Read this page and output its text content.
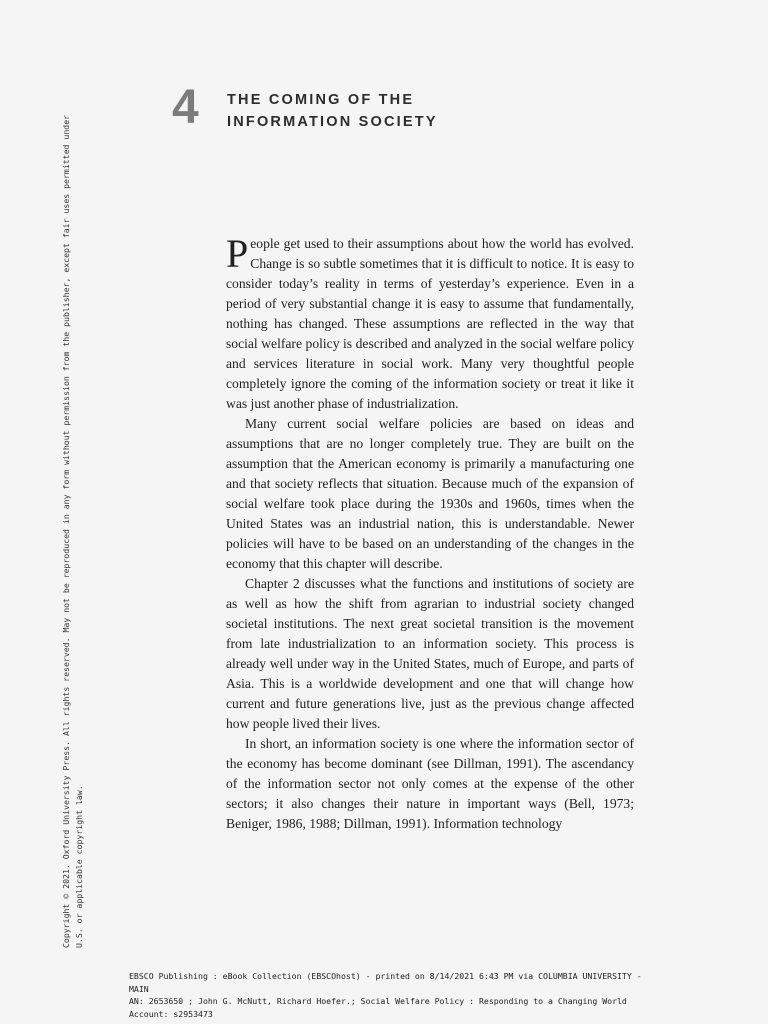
Copyright © 2021. Oxford University Press. All rights reserved. May not be reproduced in any form without permission from the publisher, except fair uses permitted under U.S. or applicable copyright law.
4 THE COMING OF THE
INFORMATION SOCIETY

People get used to their assumptions about how the world has evolved. Change is so subtle sometimes that it is difficult to notice. It is easy to consider today’s reality in terms of yesterday’s experience. Even in a period of very substantial change it is easy to assume that fundamentally, nothing has changed. These assumptions are reflected in the way that social welfare policy is described and analyzed in the social welfare policy and services literature in social work. Many very thoughtful people completely ignore the coming of the information society or treat it like it was just another phase of industrialization.

Many current social welfare policies are based on ideas and assumptions that are no longer completely true. They are built on the assumption that the American economy is primarily a manufacturing one and that society reflects that situation. Because much of the expansion of social welfare took place during the 1930s and 1960s, times when the United States was an industrial nation, this is understandable. Newer policies will have to be based on an understanding of the changes in the economy that this chapter will describe.

Chapter 2 discusses what the functions and institutions of society are as well as how the shift from agrarian to industrial society changed societal institutions. The next great societal transition is the movement from late industrialization to an information society. This process is already well under way in the United States, much of Europe, and parts of Asia. This is a worldwide development and one that will change how current and future generations live, just as the previous change affected how people lived their lives.

In short, an information society is one where the information sector of the economy has become dominant (see Dillman, 1991). The ascendancy of the information sector not only comes at the expense of the other sectors; it also changes their nature in important ways (Bell, 1973; Beniger, 1986, 1988; Dillman, 1991). Information technology

EBSCO Publishing : eBook Collection (EBSCOhost) - printed on 8/14/2021 6:43 PM via COLUMBIA UNIVERSITY - MAIN
AN: 2653650 ; John G. McNutt, Richard Hoefer.; Social Welfare Policy : Responding to a Changing World
Account: s2953473
